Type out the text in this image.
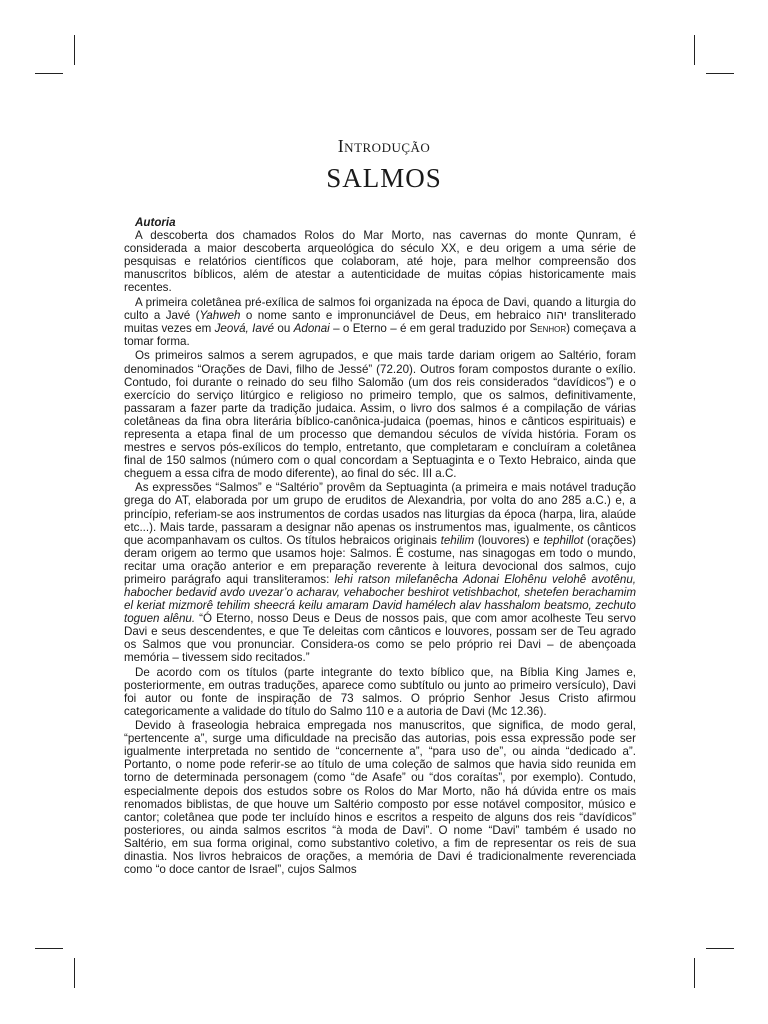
Introdução
SALMOS
Autoria

A descoberta dos chamados Rolos do Mar Morto, nas cavernas do monte Qunram, é considerada a maior descoberta arqueológica do século XX, e deu origem a uma série de pesquisas e relatórios científicos que colaboram, até hoje, para melhor compreensão dos manuscritos bíblicos, além de atestar a autenticidade de muitas cópias historicamente mais recentes.

A primeira coletânea pré-exílica de salmos foi organizada na época de Davi, quando a liturgia do culto a Javé (Yahweh o nome santo e impronunciável de Deus, em hebraico יהוה transliterado muitas vezes em Jeová, Iavé ou Adonai – o Eterno – é em geral traduzido por Senhor) começava a tomar forma.

Os primeiros salmos a serem agrupados, e que mais tarde dariam origem ao Saltério, foram denominados “Orações de Davi, filho de Jessé” (72.20). Outros foram compostos durante o exílio. Contudo, foi durante o reinado do seu filho Salomão (um dos reis considerados “davídicos”) e o exercício do serviço litúrgico e religioso no primeiro templo, que os salmos, definitivamente, passaram a fazer parte da tradição judaica. Assim, o livro dos salmos é a compilação de várias coletâneas da fina obra literária bíblico-canônica-judaica (poemas, hinos e cânticos espirituais) e representa a etapa final de um processo que demandou séculos de vívida história. Foram os mestres e servos pós-exílicos do templo, entretanto, que completaram e concluíram a coletânea final de 150 salmos (número com o qual concordam a Septuaginta e o Texto Hebraico, ainda que cheguem a essa cifra de modo diferente), ao final do séc. III a.C.

As expressões “Salmos” e “Saltério” provêm da Septuaginta (a primeira e mais notável tradução grega do AT, elaborada por um grupo de eruditos de Alexandria, por volta do ano 285 a.C.) e, a princípio, referiam-se aos instrumentos de cordas usados nas liturgias da época (harpa, lira, alaúde etc...). Mais tarde, passaram a designar não apenas os instrumentos mas, igualmente, os cânticos que acompanhavam os cultos. Os títulos hebraicos originais tehilim (louvores) e tephillot (orações) deram origem ao termo que usamos hoje: Salmos. É costume, nas sinagogas em todo o mundo, recitar uma oração anterior e em preparação reverente à leitura devocional dos salmos, cujo primeiro parágrafo aqui transliteramos: lehi ratson milefanêcha Adonai Elohênu velohê avotênu, habocher bedavid avdo uvezar’o acharav, vehabocher beshirot vetishbachot, shetefen berachamim el keriat mizmorê tehilim sheecrá keilu amaram David hamélech alav hasshalom beatsmo, zechuto toguen alênu. “Ó Eterno, nosso Deus e Deus de nossos pais, que com amor acolheste Teu servo Davi e seus descendentes, e que Te deleitas com cânticos e louvores, possam ser de Teu agrado os Salmos que vou pronunciar. Considera-os como se pelo próprio rei Davi – de abençoada memória – tivessem sido recitados.”

De acordo com os títulos (parte integrante do texto bíblico que, na Bíblia King James e, posteriormente, em outras traduções, aparece como subtítulo ou junto ao primeiro versículo), Davi foi autor ou fonte de inspiração de 73 salmos. O próprio Senhor Jesus Cristo afirmou categoricamente a validade do título do Salmo 110 e a autoria de Davi (Mc 12.36).

Devido à fraseologia hebraica empregada nos manuscritos, que significa, de modo geral, “pertencente a”, surge uma dificuldade na precisão das autorias, pois essa expressão pode ser igualmente interpretada no sentido de “concernente a”, “para uso de”, ou ainda “dedicado a”. Portanto, o nome pode referir-se ao título de uma coleção de salmos que havia sido reunida em torno de determinada personagem (como “de Asafe” ou “dos coraítas”, por exemplo). Contudo, especialmente depois dos estudos sobre os Rolos do Mar Morto, não há dúvida entre os mais renomados biblistas, de que houve um Saltério composto por esse notável compositor, músico e cantor; coletânea que pode ter incluído hinos e escritos a respeito de alguns dos reis “davídicos” posteriores, ou ainda salmos escritos “à moda de Davi”. O nome “Davi” também é usado no Saltério, em sua forma original, como substantivo coletivo, a fim de representar os reis de sua dinastia. Nos livros hebraicos de orações, a memória de Davi é tradicionalmente reverenciada como “o doce cantor de Israel”, cujos Salmos
